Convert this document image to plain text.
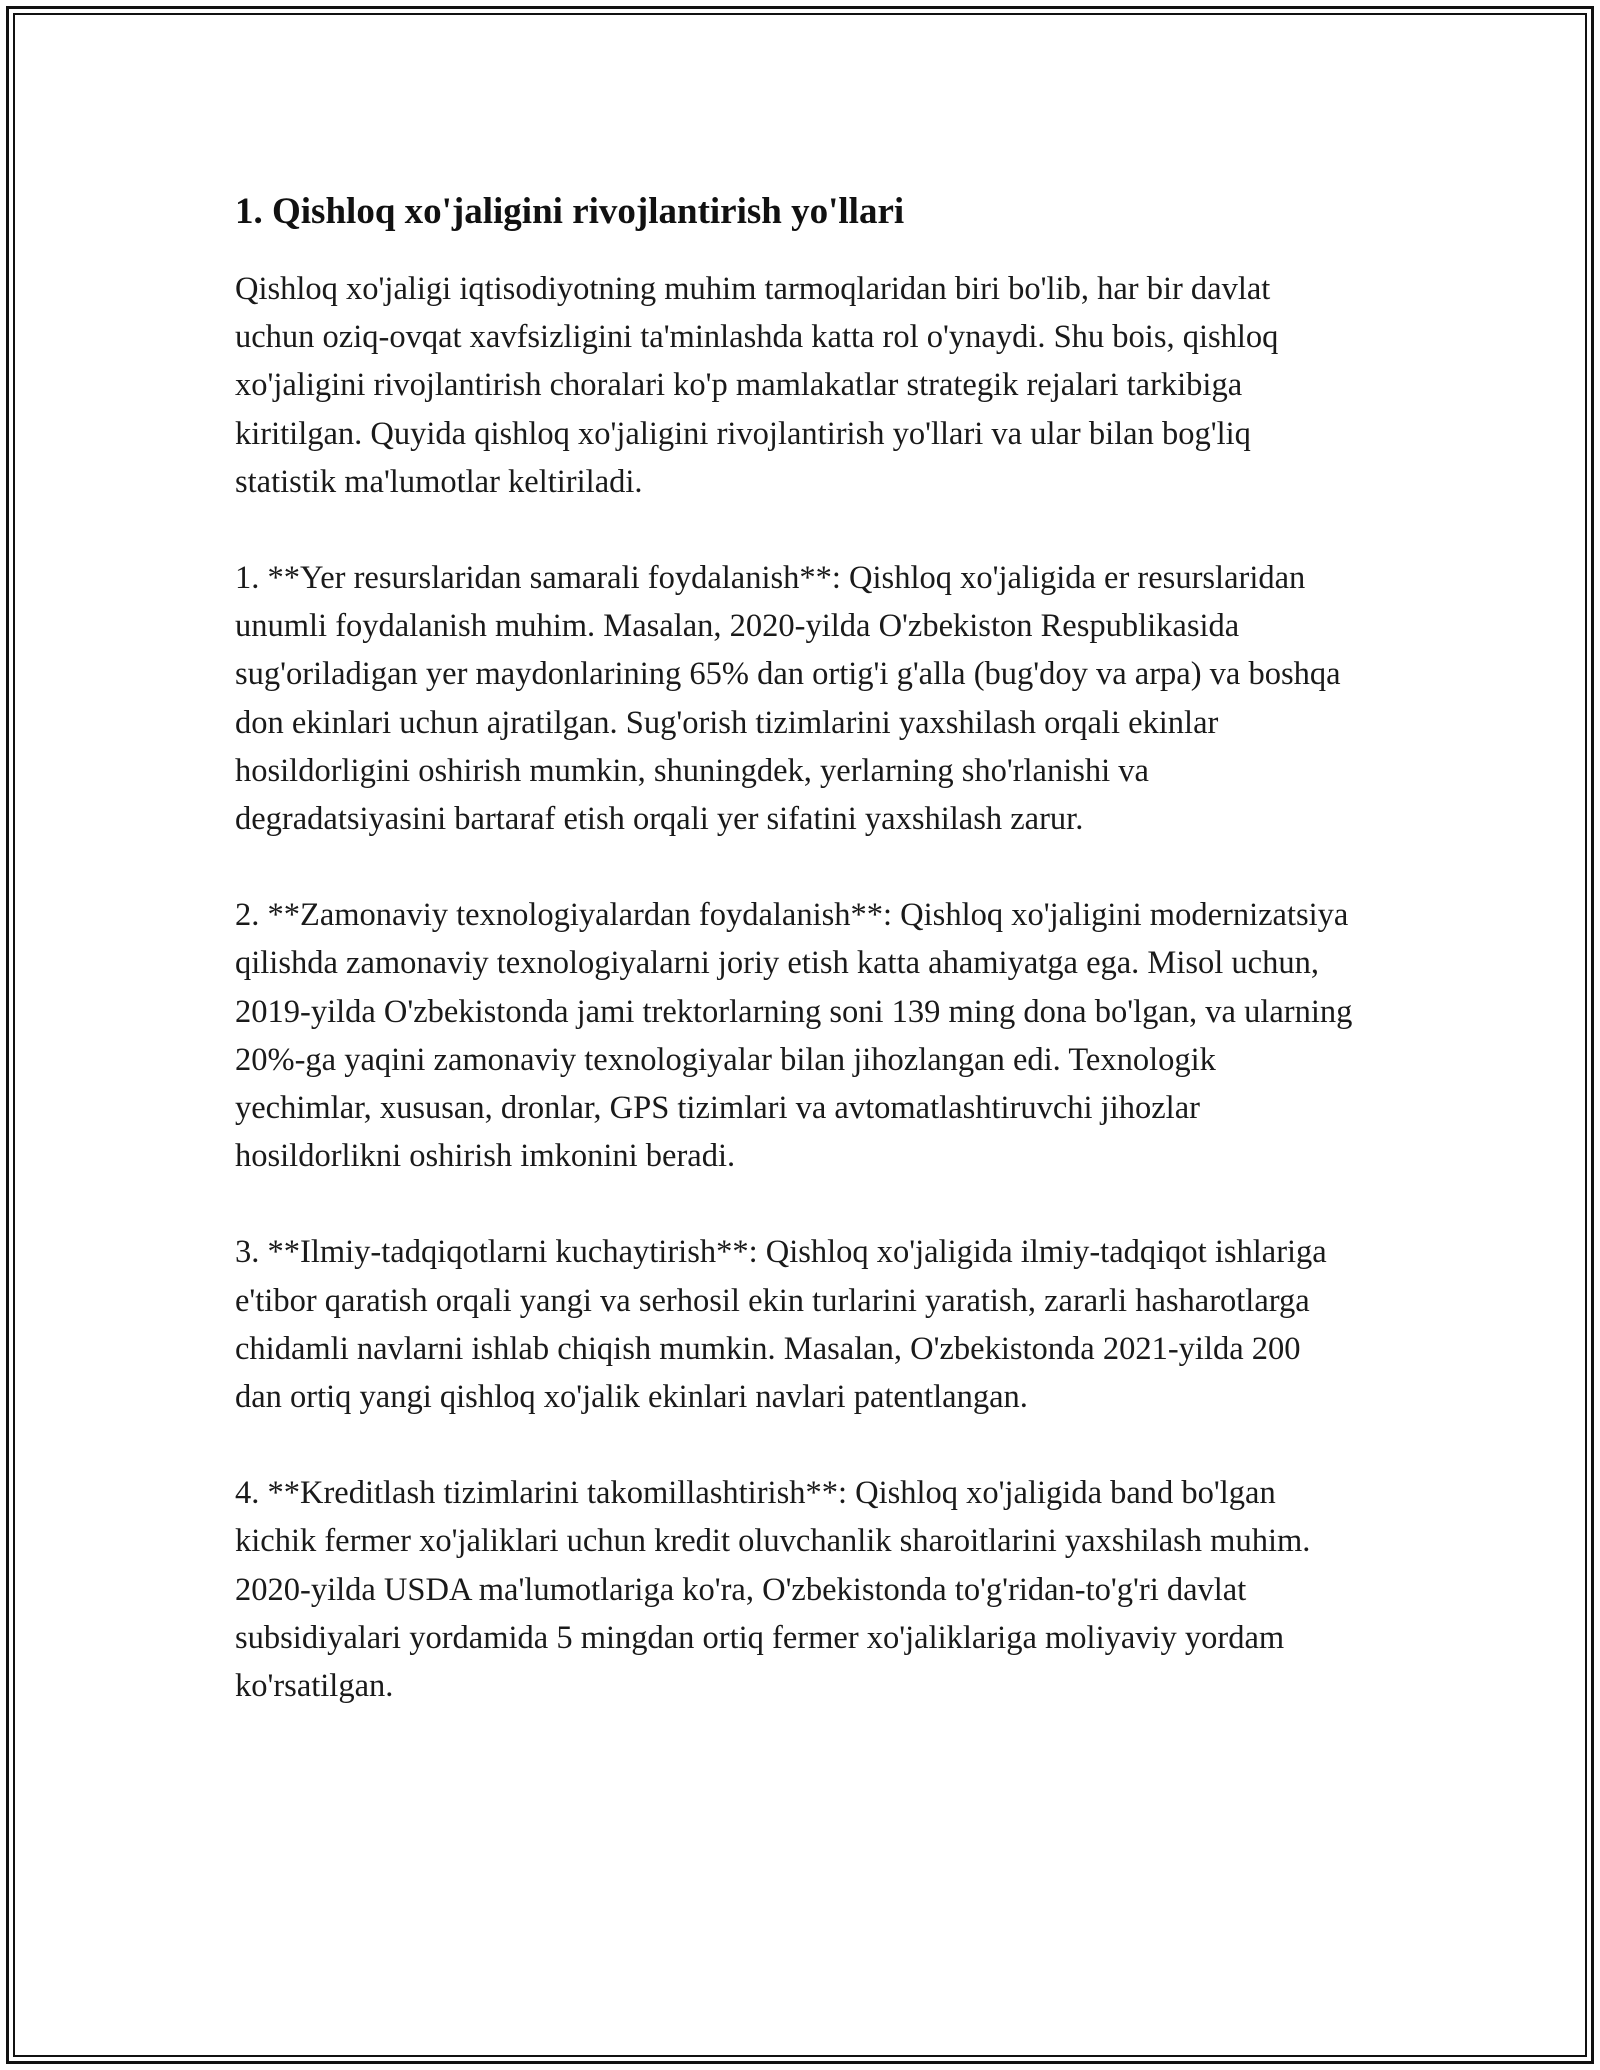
1. Qishloq xo'jaligini rivojlantirish yo'llari

Qishloq xo'jaligi iqtisodiyotning muhim tarmoqlaridan biri bo'lib, har bir davlat uchun oziq-ovqat xavfsizligini ta'minlashda katta rol o'ynaydi. Shu bois, qishloq xo'jaligini rivojlantirish choralari ko'p mamlakatlar strategik rejalari tarkibiga kiritilgan. Quyida qishloq xo'jaligini rivojlantirish yo'llari va ular bilan bog'liq statistik ma'lumotlar keltiriladi.

1. **Yer resurslaridan samarali foydalanish**: Qishloq xo'jaligida er resurslaridan unumli foydalanish muhim. Masalan, 2020-yilda O'zbekiston Respublikasida sug'oriladigan yer maydonlarining 65% dan ortig'i g'alla (bug'doy va arpa) va boshqa don ekinlari uchun ajratilgan. Sug'orish tizimlarini yaxshilash orqali ekinlar hosildorligini oshirish mumkin, shuningdek, yerlarning sho'rlanishi va degradatsiyasini bartaraf etish orqali yer sifatini yaxshilash zarur.

2. **Zamonaviy texnologiyalardan foydalanish**: Qishloq xo'jaligini modernizatsiya qilishda zamonaviy texnologiyalarni joriy etish katta ahamiyatga ega. Misol uchun, 2019-yilda O'zbekistonda jami trektorlarning soni 139 ming dona bo'lgan, va ularning 20%-ga yaqini zamonaviy texnologiyalar bilan jihozlangan edi. Texnologik yechimlar, xususan, dronlar, GPS tizimlari va avtomatlashtiruvchi jihozlar hosildorlikni oshirish imkonini beradi.

3. **Ilmiy-tadqiqotlarni kuchaytirish**: Qishloq xo'jaligida ilmiy-tadqiqot ishlariga e'tibor qaratish orqali yangi va serhosil ekin turlarini yaratish, zararli hasharotlarga chidamli navlarni ishlab chiqish mumkin. Masalan, O'zbekistonda 2021-yilda 200 dan ortiq yangi qishloq xo'jalik ekinlari navlari patentlangan.

4. **Kreditlash tizimlarini takomillashtirish**: Qishloq xo'jaligida band bo'lgan kichik fermer xo'jaliklari uchun kredit oluvchanlik sharoitlarini yaxshilash muhim. 2020-yilda USDA ma'lumotlariga ko'ra, O'zbekistonda to'g'ridan-to'g'ri davlat subsidiyalari yordamida 5 mingdan ortiq fermer xo'jaliklariga moliyaviy yordam ko'rsatilgan.
